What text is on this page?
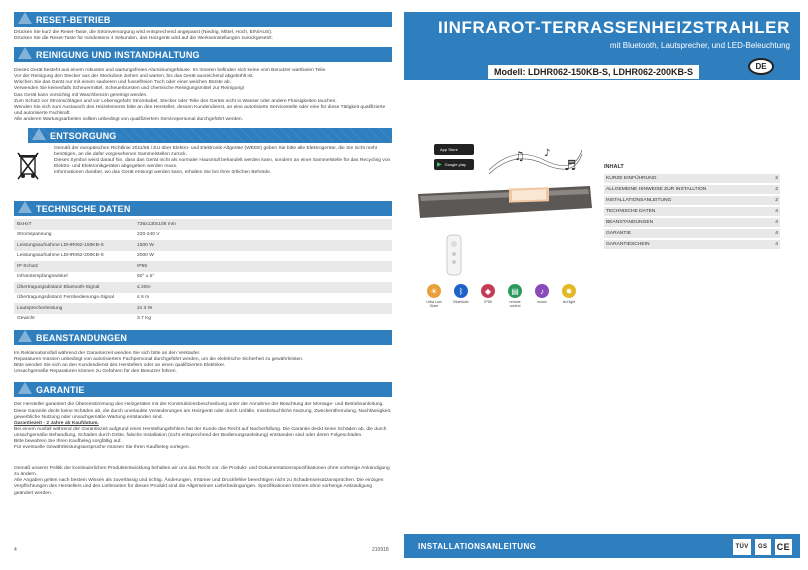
RESET-BETRIEB

Drücken Sie kurz die Reset-Taste, die Stromversorgung wird entsprechend angepasst (Niedrig, Mittel, Hoch, EIN/AUS).

Drücken Sie die Reset-Taste für mindestens 4 Sekunden, das Heizgerät wird auf die Werkseinstellungen zurückgesetzt.

REINIGUNG UND INSTANDHALTUNG

Dieses Gerät besteht aus einem robusten und wartungsfreien Aluminiumgehäuse. Im Inneren befinden sich keine vom Benutzer wartbaren Teile.

Vor der Reinigung den Stecker aus der Steckdose ziehen und warten, bis das Gerät ausreichend abgekühlt ist.

Wischen Sie das Gerät nur mit einem sauberen und fusselfreien Tuch oder einer weichen Bürste ab.

Verwenden Sie keinesfalls Scheuermittel, Scheuerbürsten und chemische Reinigungsmittel zur Reinigung!

Das Gerät kann vorsichtig mit Waschbenzin gereinigt werden.

Zum Schutz vor Stromschlägen und vor Lebensgefahr Stromkabel, Stecker oder Teile des Geräts nicht in Wasser oder andere Flüssigkeiten tauchen.

Wenden Sie sich zum Austausch des Heizelements bitte an den Hersteller, dessen Kundendienst, an eine autorisierte Servicestelle oder eine für diese Tätigkeit qualifizierte und autorisierte Fachkraft.

Alle anderen Wartungsarbeiten sollten unbedingt von qualifiziertem Servicepersonal durchgeführt werden.

ENTSORGUNG

Gemäß der europäischen Richtlinie 2011/65 / EU über Elektro- und Elektronik-Altgeräte (WEEE) geben Sie bitte alle Elektrogeräte, die Sie nicht mehr benötigen, an die dafür vorgesehenen Sammelstellen zurück.

Dieses Symbol weist darauf hin, dass das Gerät nicht als normaler Hausmüll behandelt werden kann, sondern an einer Sammelstelle für das Recycling von Elektro- und Elektronikgeräten abgegeben werden muss.

Informationen darüber, wo das Gerät entsorgt werden kann, erhalten Sie bei Ihrer örtlichen Behörde.

TECHNISCHE DATEN
BxHxT	736x130x108 mm
Stromspannung	220-240 V
Leistungsaufnahme LDHR062-150KB-S	1500 W
Leistungsaufnahme LDHR062-200KB-S	2000 W
IP-Schutz	IP65
Infrarotempfangswinkel	60° ± 5°
Übertragungsdistanz Bluetooth-Signal	≤ 20m
Übertragungsdistanz Fernbedienungs-Signal	≤ 6 m
Lautsprecherleistung	2x 3 W
Gewicht	3.7 Kg
BEANSTANDUNGEN

Im Reklamationsfall während der Garantiezeit wenden Sie sich bitte an den Verkäufer.

Reparaturen müssen unbedingt von autorisiertem Fachpersonal durchgeführt werden, um die elektrische Sicherheit zu gewährleisten.

Bitte wenden Sie sich an den Kundendienst des Herstellers oder an einen qualifizierten Elektriker.

Unsachgemäße Reparaturen können zu Gefahren für den Benutzer führen.

GARANTIE

Der Hersteller garantiert die Übereinstimmung des Heizgerätes mit der Konstruktionsbeschreibung unter der Annahme der Beachtung der Montage- und Betriebsanleitung.

Diese Garantie deckt keine Schäden ab, die durch unerlaubte Veränderungen am Heizgerät oder durch Unfälle, missbräuchliche Nutzung, Zweckentfremdung, Nachlässigkeit, gewerbliche Nutzung oder unsachgemäße Wartung entstanden sind.

Garantiezeit - 2 Jahre ab Kaufdatum.

Bei einem Ausfall während der Garantiezeit aufgrund eines Herstellungsfehlers hat der Kunde das Recht auf Nacherfüllung. Die Garantie deckt keine Schäden ab, die durch unsachgemäße Behandlung, Schäden durch Dritte, falsche Installation (nicht entsprechend der Bedienungsanleitung) entstanden sind oder deren Folgeschäden.

Bitte bewahren Sie Ihren Kaufbeleg sorgfältig auf.

Für eventuelle Gewährleistungsansprüche müssen Sie Ihren Kaufbeleg vorlegen.

Gemäß unserer Politik der kontinuierlichen Produktentwicklung behalten wir uns das Recht vor, die Produkt- und Dokumentationsspezifikationen ohne vorherige Ankündigung zu ändern.

Alle Angaben gelten nach bestem Wissen als zuverlässig und richtig. Änderungen, Irrtümer und Druckfehler berechtigen nicht zu Schadensersatzansprüchen. Die einzigen Verpflichtungen des Herstellers und des Lieferanten für dieses Produkt sind die Allgemeinen Lieferbedingungen. Spezifikationen können ohne vorherige Ankündigung geändert werden.

4	210918
IINFRAROT-TERRASSENHEIZSTRAHLER
mit Bluetooth, Lautsprecher, und LED-Beleuchtung
Modell: LDHR062-150KB-S, LDHR062-200KB-S
DE
App Store
▶ Google play
♫ ♪
♬
☀
Ultra Low Glare
ᛒ
Bluetooth
◆
IP65
▤
remote control
♪
music
✹
led light
INHALT
KURZE EINFÜHRUNG	2
ALLGEMEINE HINWEISE ZUR INSTALLTION	2
INSTALLATIONSANLEITUNG	2
TECHNISCHE DATEN	4
BEANSTANDUNGEN	4
GARANTIE	4
GARANTIESCHEIN	4
INSTALLATIONSANLEITUNG	TÜV	GS	CE
